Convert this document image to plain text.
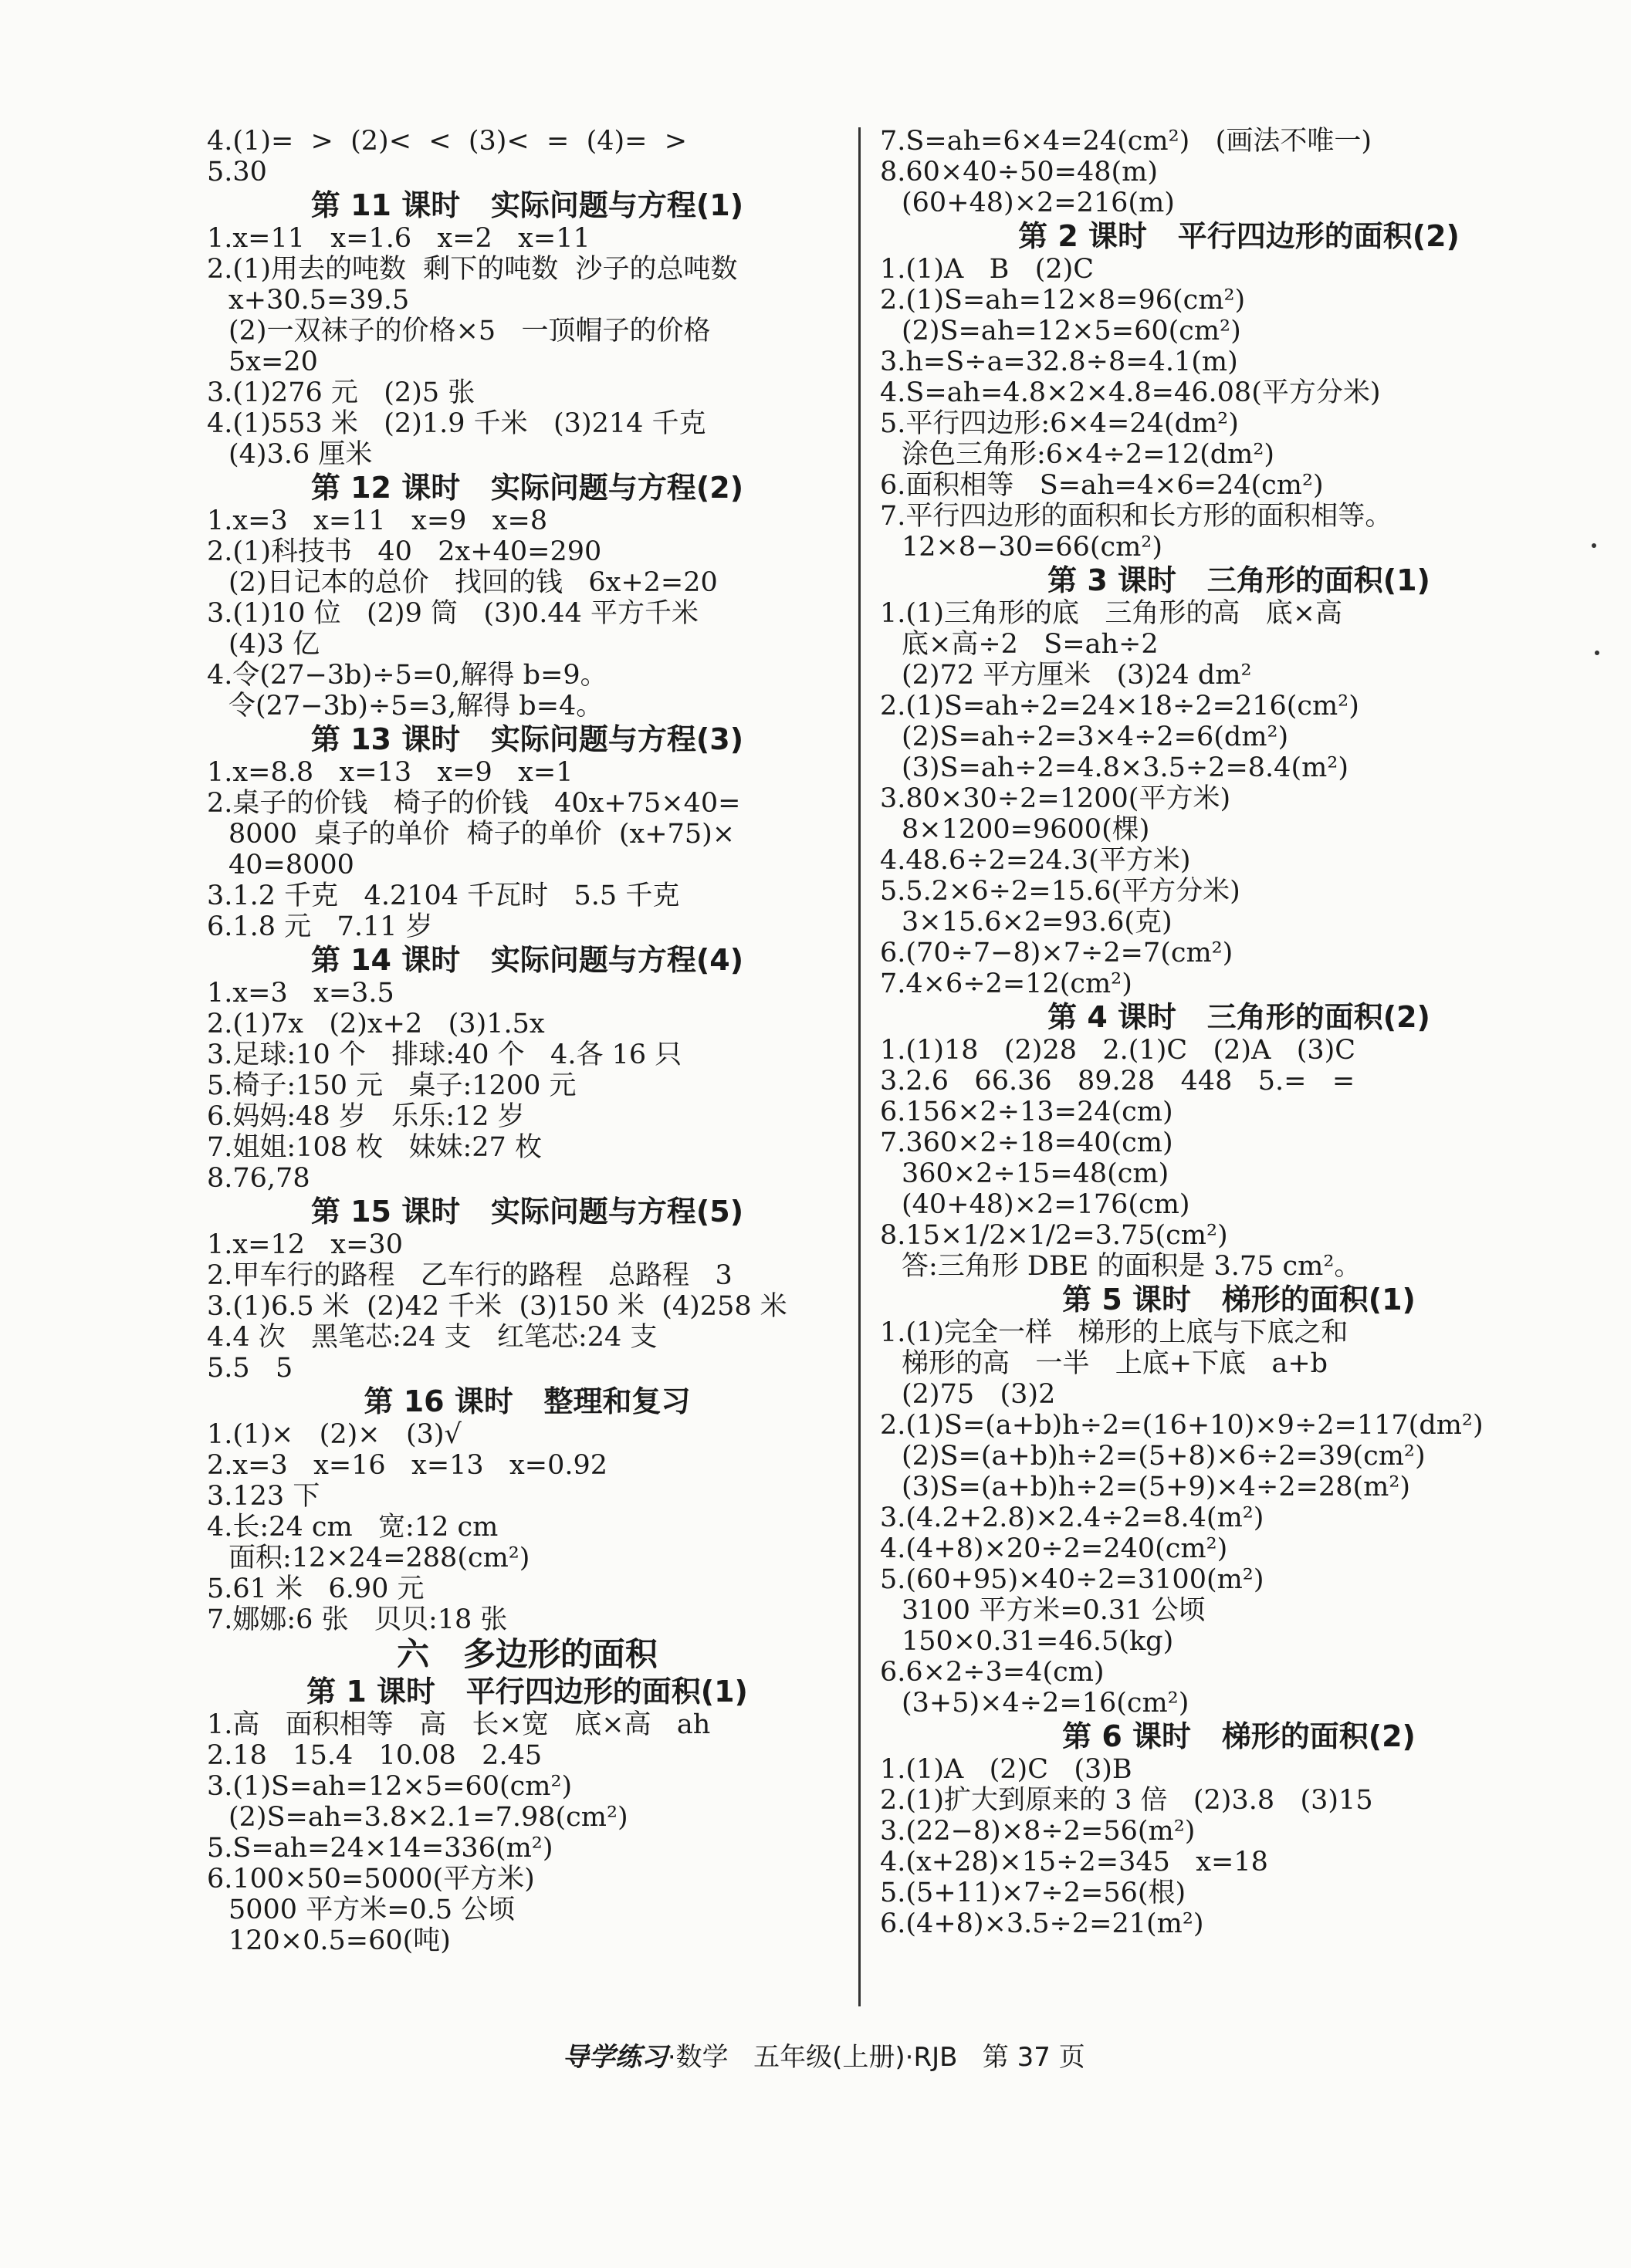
4.(1)=  >  (2)<  <  (3)<  =  (4)=  >
5.30
第 11 课时   实际问题与方程(1)
1.x=11   x=1.6   x=2   x=11
2.(1)用去的吨数  剩下的吨数  沙子的总吨数
x+30.5=39.5
(2)一双袜子的价格×5   一顶帽子的价格
5x=20
3.(1)276 元   (2)5 张
4.(1)553 米   (2)1.9 千米   (3)214 千克
(4)3.6 厘米
第 12 课时   实际问题与方程(2)
1.x=3   x=11   x=9   x=8
2.(1)科技书   40   2x+40=290
(2)日记本的总价   找回的钱   6x+2=20
3.(1)10 位   (2)9 筒   (3)0.44 平方千米
(4)3 亿
4.令(27−3b)÷5=0,解得 b=9。
令(27−3b)÷5=3,解得 b=4。
第 13 课时   实际问题与方程(3)
1.x=8.8   x=13   x=9   x=1
2.桌子的价钱   椅子的价钱   40x+75×40=
8000  桌子的单价  椅子的单价  (x+75)×
40=8000
3.1.2 千克   4.2104 千瓦时   5.5 千克
6.1.8 元   7.11 岁
第 14 课时   实际问题与方程(4)
1.x=3   x=3.5
2.(1)7x   (2)x+2   (3)1.5x
3.足球:10 个   排球:40 个   4.各 16 只
5.椅子:150 元   桌子:1200 元
6.妈妈:48 岁   乐乐:12 岁
7.姐姐:108 枚   妹妹:27 枚
8.76,78
第 15 课时   实际问题与方程(5)
1.x=12   x=30
2.甲车行的路程   乙车行的路程   总路程   3
3.(1)6.5 米  (2)42 千米  (3)150 米  (4)258 米
4.4 次   黑笔芯:24 支   红笔芯:24 支
5.5   5
第 16 课时   整理和复习
1.(1)×   (2)×   (3)√
2.x=3   x=16   x=13   x=0.92
3.123 下
4.长:24 cm   宽:12 cm
面积:12×24=288(cm²)
5.61 米   6.90 元
7.娜娜:6 张   贝贝:18 张
六   多边形的面积
第 1 课时   平行四边形的面积(1)
1.高   面积相等   高   长×宽   底×高   ah
2.18   15.4   10.08   2.45
3.(1)S=ah=12×5=60(cm²)
(2)S=ah=3.8×2.1=7.98(cm²)
5.S=ah=24×14=336(m²)
6.100×50=5000(平方米)
5000 平方米=0.5 公顷
120×0.5=60(吨)
7.S=ah=6×4=24(cm²)   (画法不唯一)
8.60×40÷50=48(m)
(60+48)×2=216(m)
第 2 课时   平行四边形的面积(2)
1.(1)A   B   (2)C
2.(1)S=ah=12×8=96(cm²)
(2)S=ah=12×5=60(cm²)
3.h=S÷a=32.8÷8=4.1(m)
4.S=ah=4.8×2×4.8=46.08(平方分米)
5.平行四边形:6×4=24(dm²)
涂色三角形:6×4÷2=12(dm²)
6.面积相等   S=ah=4×6=24(cm²)
7.平行四边形的面积和长方形的面积相等。
12×8−30=66(cm²)
第 3 课时   三角形的面积(1)
1.(1)三角形的底   三角形的高   底×高
底×高÷2   S=ah÷2
(2)72 平方厘米   (3)24 dm²
2.(1)S=ah÷2=24×18÷2=216(cm²)
(2)S=ah÷2=3×4÷2=6(dm²)
(3)S=ah÷2=4.8×3.5÷2=8.4(m²)
3.80×30÷2=1200(平方米)
8×1200=9600(棵)
4.48.6÷2=24.3(平方米)
5.5.2×6÷2=15.6(平方分米)
3×15.6×2=93.6(克)
6.(70÷7−8)×7÷2=7(cm²)
7.4×6÷2=12(cm²)
第 4 课时   三角形的面积(2)
1.(1)18   (2)28   2.(1)C   (2)A   (3)C
3.2.6   66.36   89.28   448   5.=   =
6.156×2÷13=24(cm)
7.360×2÷18=40(cm)
360×2÷15=48(cm)
(40+48)×2=176(cm)
8.15×1/2×1/2=3.75(cm²)
答:三角形 DBE 的面积是 3.75 cm²。
第 5 课时   梯形的面积(1)
1.(1)完全一样   梯形的上底与下底之和
梯形的高   一半   上底+下底   a+b
(2)75   (3)2
2.(1)S=(a+b)h÷2=(16+10)×9÷2=117(dm²)
(2)S=(a+b)h÷2=(5+8)×6÷2=39(cm²)
(3)S=(a+b)h÷2=(5+9)×4÷2=28(m²)
3.(4.2+2.8)×2.4÷2=8.4(m²)
4.(4+8)×20÷2=240(cm²)
5.(60+95)×40÷2=3100(m²)
3100 平方米=0.31 公顷
150×0.31=46.5(kg)
6.6×2÷3=4(cm)
(3+5)×4÷2=16(cm²)
第 6 课时   梯形的面积(2)
1.(1)A   (2)C   (3)B
2.(1)扩大到原来的 3 倍   (2)3.8   (3)15
3.(22−8)×8÷2=56(m²)
4.(x+28)×15÷2=345   x=18
5.(5+11)×7÷2=56(根)
6.(4+8)×3.5÷2=21(m²)

导学练习·数学   五年级(上册)·RJB   第 37 页
